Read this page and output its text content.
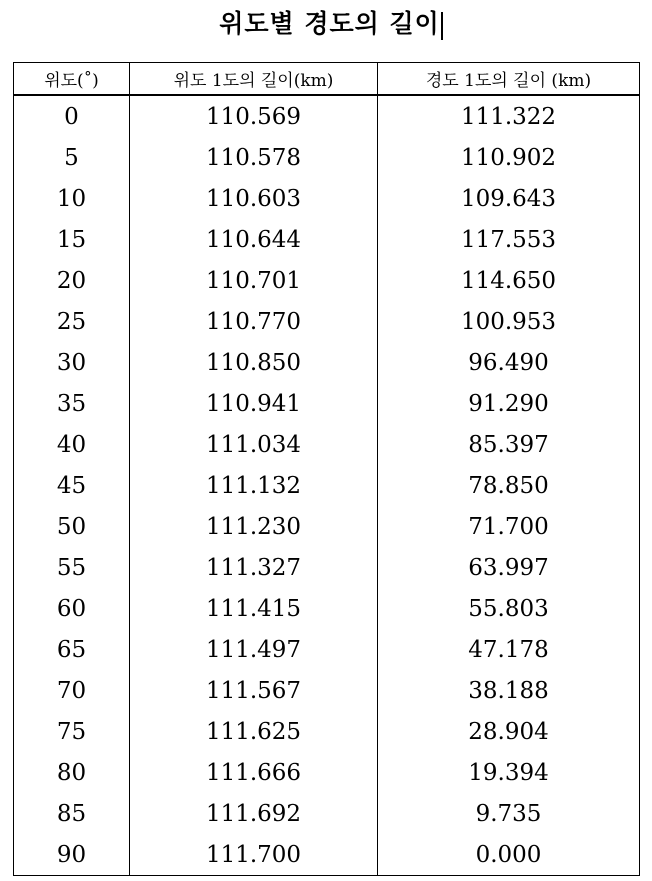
위도별 경도의 길이
위도(˚)	위도 1도의 길이(km)	경도 1도의 길이 (km)
0	110.569	111.322
5	110.578	110.902
10	110.603	109.643
15	110.644	117.553
20	110.701	114.650
25	110.770	100.953
30	110.850	96.490
35	110.941	91.290
40	111.034	85.397
45	111.132	78.850
50	111.230	71.700
55	111.327	63.997
60	111.415	55.803
65	111.497	47.178
70	111.567	38.188
75	111.625	28.904
80	111.666	19.394
85	111.692	9.735
90	111.700	0.000
